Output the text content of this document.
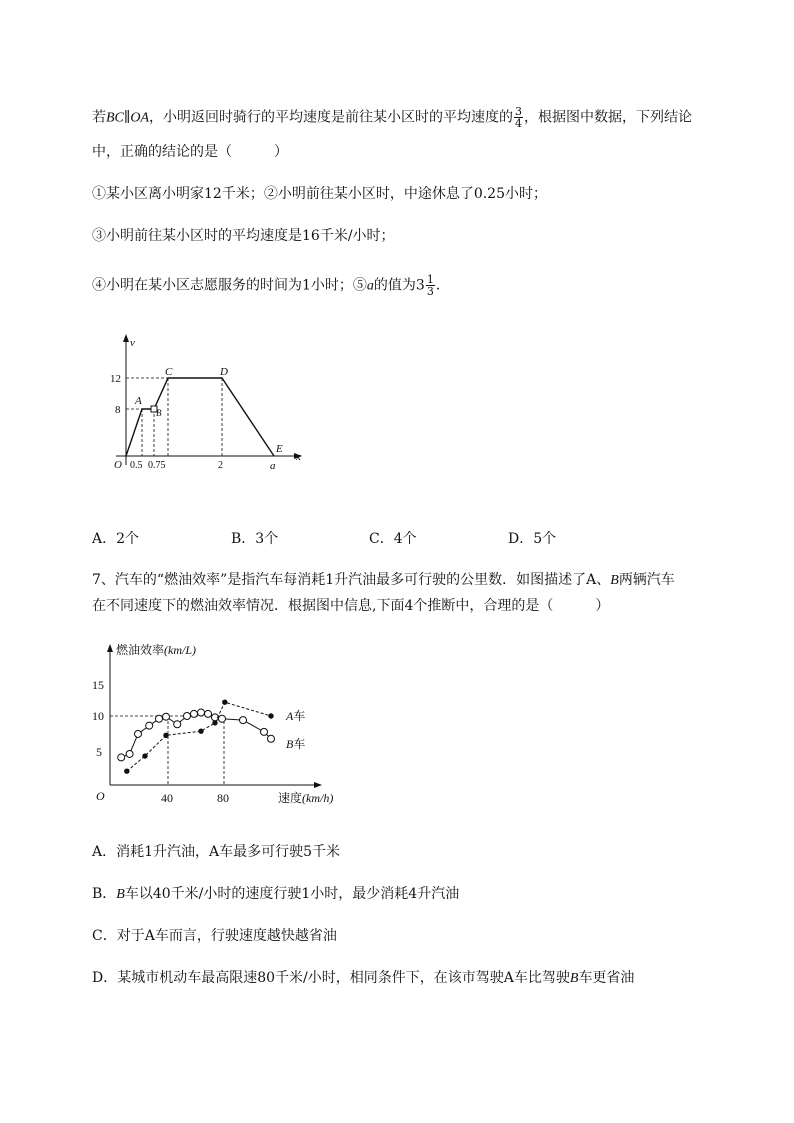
若BC∥OA，小明返回时骑行的平均速度是前往某小区时的平均速度的 $\frac{3}{4}$ ，根据图中数据，下列结论
中，正确的结论的是（　　　）
①某小区离小明家12千米；②小明前往某小区时，中途休息了0.25小时；
③小明前往某小区时的平均速度是16千米/小时；
④小明在某小区志愿服务的时间为1小时；⑤a的值为$3 \frac{1}{3}$ ．
v
x
O
12
8
0.5 0.75	2	a
A
B
C	D
E
A．2个	B．3个	C．4个	D．5个
7、汽车的“燃油效率”是指汽车每消耗1升汽油最多可行驶的公里数．如图描述了A、B两辆汽车
在不同速度下的燃油效率情况．根据图中信息,下面4个推断中，合理的是（　　　）
燃油效率(km/L)
速度(km/h)
O
15
10
5
40	80
A车
B车
A．消耗1升汽油，A车最多可行驶5千米
B．B车以40千米/小时的速度行驶1小时，最少消耗4升汽油
C．对于A车而言，行驶速度越快越省油
D．某城市机动车最高限速80千米/小时，相同条件下，在该市驾驶A车比驾驶B车更省油
